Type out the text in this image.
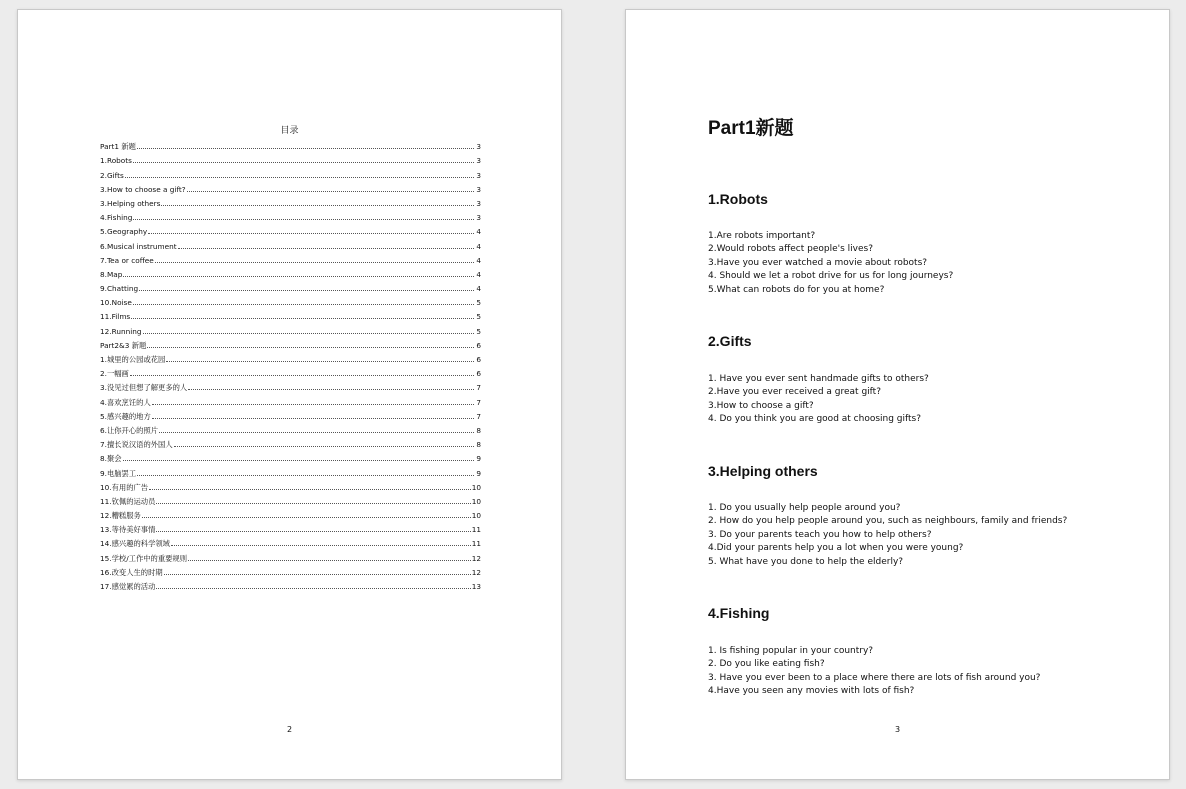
目录
Part1 新题	3
1.Robots	3
2.Gifts	3
3.How to choose a gift?	3
3.Helping others	3
4.Fishing	3
5.Geography	4
6.Musical instrument	4
7.Tea or coffee	4
8.Map	4
9.Chatting	4
10.Noise	5
11.Films	5
12.Running	5
Part2&3 新题	6
1.城里的公园或花园	6
2.一幅画	6
3.没见过但想了解更多的人	7
4.喜欢烹饪的人	7
5.感兴趣的地方	7
6.让你开心的照片	8
7.擅长说汉语的外国人	8
8.聚会	9
9.电脑罢工	9
10.有用的广告	10
11.钦佩的运动员	10
12.糟糕服务	10
13.等待美好事情	11
14.感兴趣的科学领域	11
15.学校/工作中的重要规则	12
16.改变人生的时期	12
17.感觉累的活动	13
2
Part1新题
1.Robots
1.Are robots important?
2.Would robots affect people's lives?
3.Have you ever watched a movie about robots?
4. Should we let a robot drive for us for long journeys?
5.What can robots do for you at home?
2.Gifts
1. Have you ever sent handmade gifts to others?
2.Have you ever received a great gift?
3.How to choose a gift?
4. Do you think you are good at choosing gifts?
3.Helping others
1. Do you usually help people around you?
2. How do you help people around you, such as neighbours, family and friends?
3. Do your parents teach you how to help others?
4.Did your parents help you a lot when you were young?
5. What have you done to help the elderly?
4.Fishing
1. Is fishing popular in your country?
2. Do you like eating fish?
3. Have you ever been to a place where there are lots of fish around you?
4.Have you seen any movies with lots of fish?
3
